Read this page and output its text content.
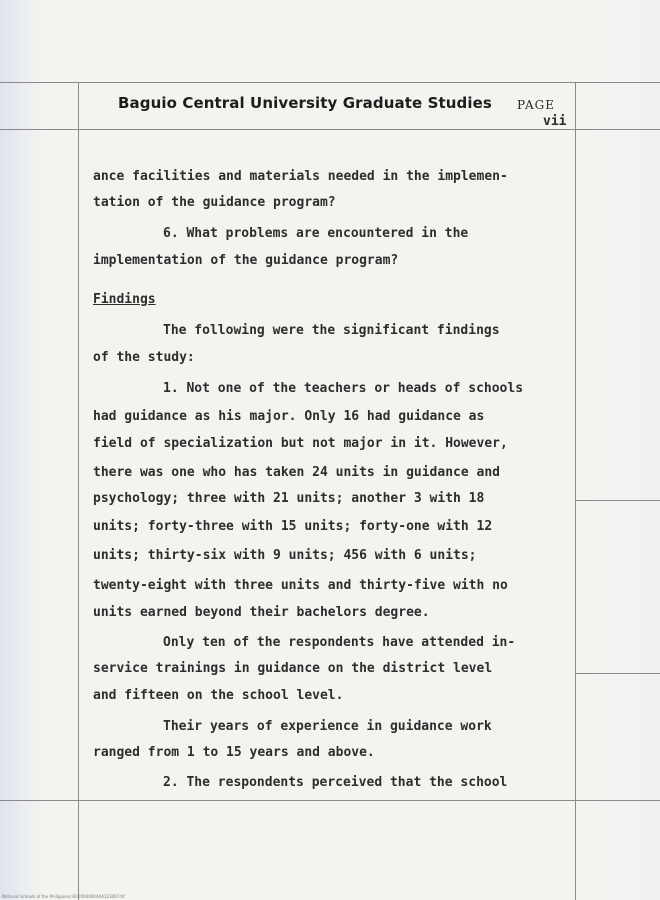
Baguio Central University Graduate Studies PAGE
vii
ance facilities and materials needed in the implemen-
tation of the guidance program?
6. What problems are encountered in the
implementation of the guidance program?
Findings
The following were the significant findings
of the study:
1. Not one of the teachers or heads of schools
had guidance as his major. Only 16 had guidance as
field of specialization but not major in it. However,
there was one who has taken 24 units in guidance and
psychology; three with 21 units; another 3 with 18
units; forty-three with 15 units; forty-one with 12
units; thirty-six with 9 units; 456 with 6 units;
twenty-eight with three units and thirty-five with no
units earned beyond their bachelors degree.
Only ten of the respondents have attended in-
service trainings in guidance on the district level
and fifteen on the school level.
Their years of experience in guidance work
ranged from 1 to 15 years and above.
2. The respondents perceived that the school
National Schools of the Philippines BU05000044AA123007.tif
